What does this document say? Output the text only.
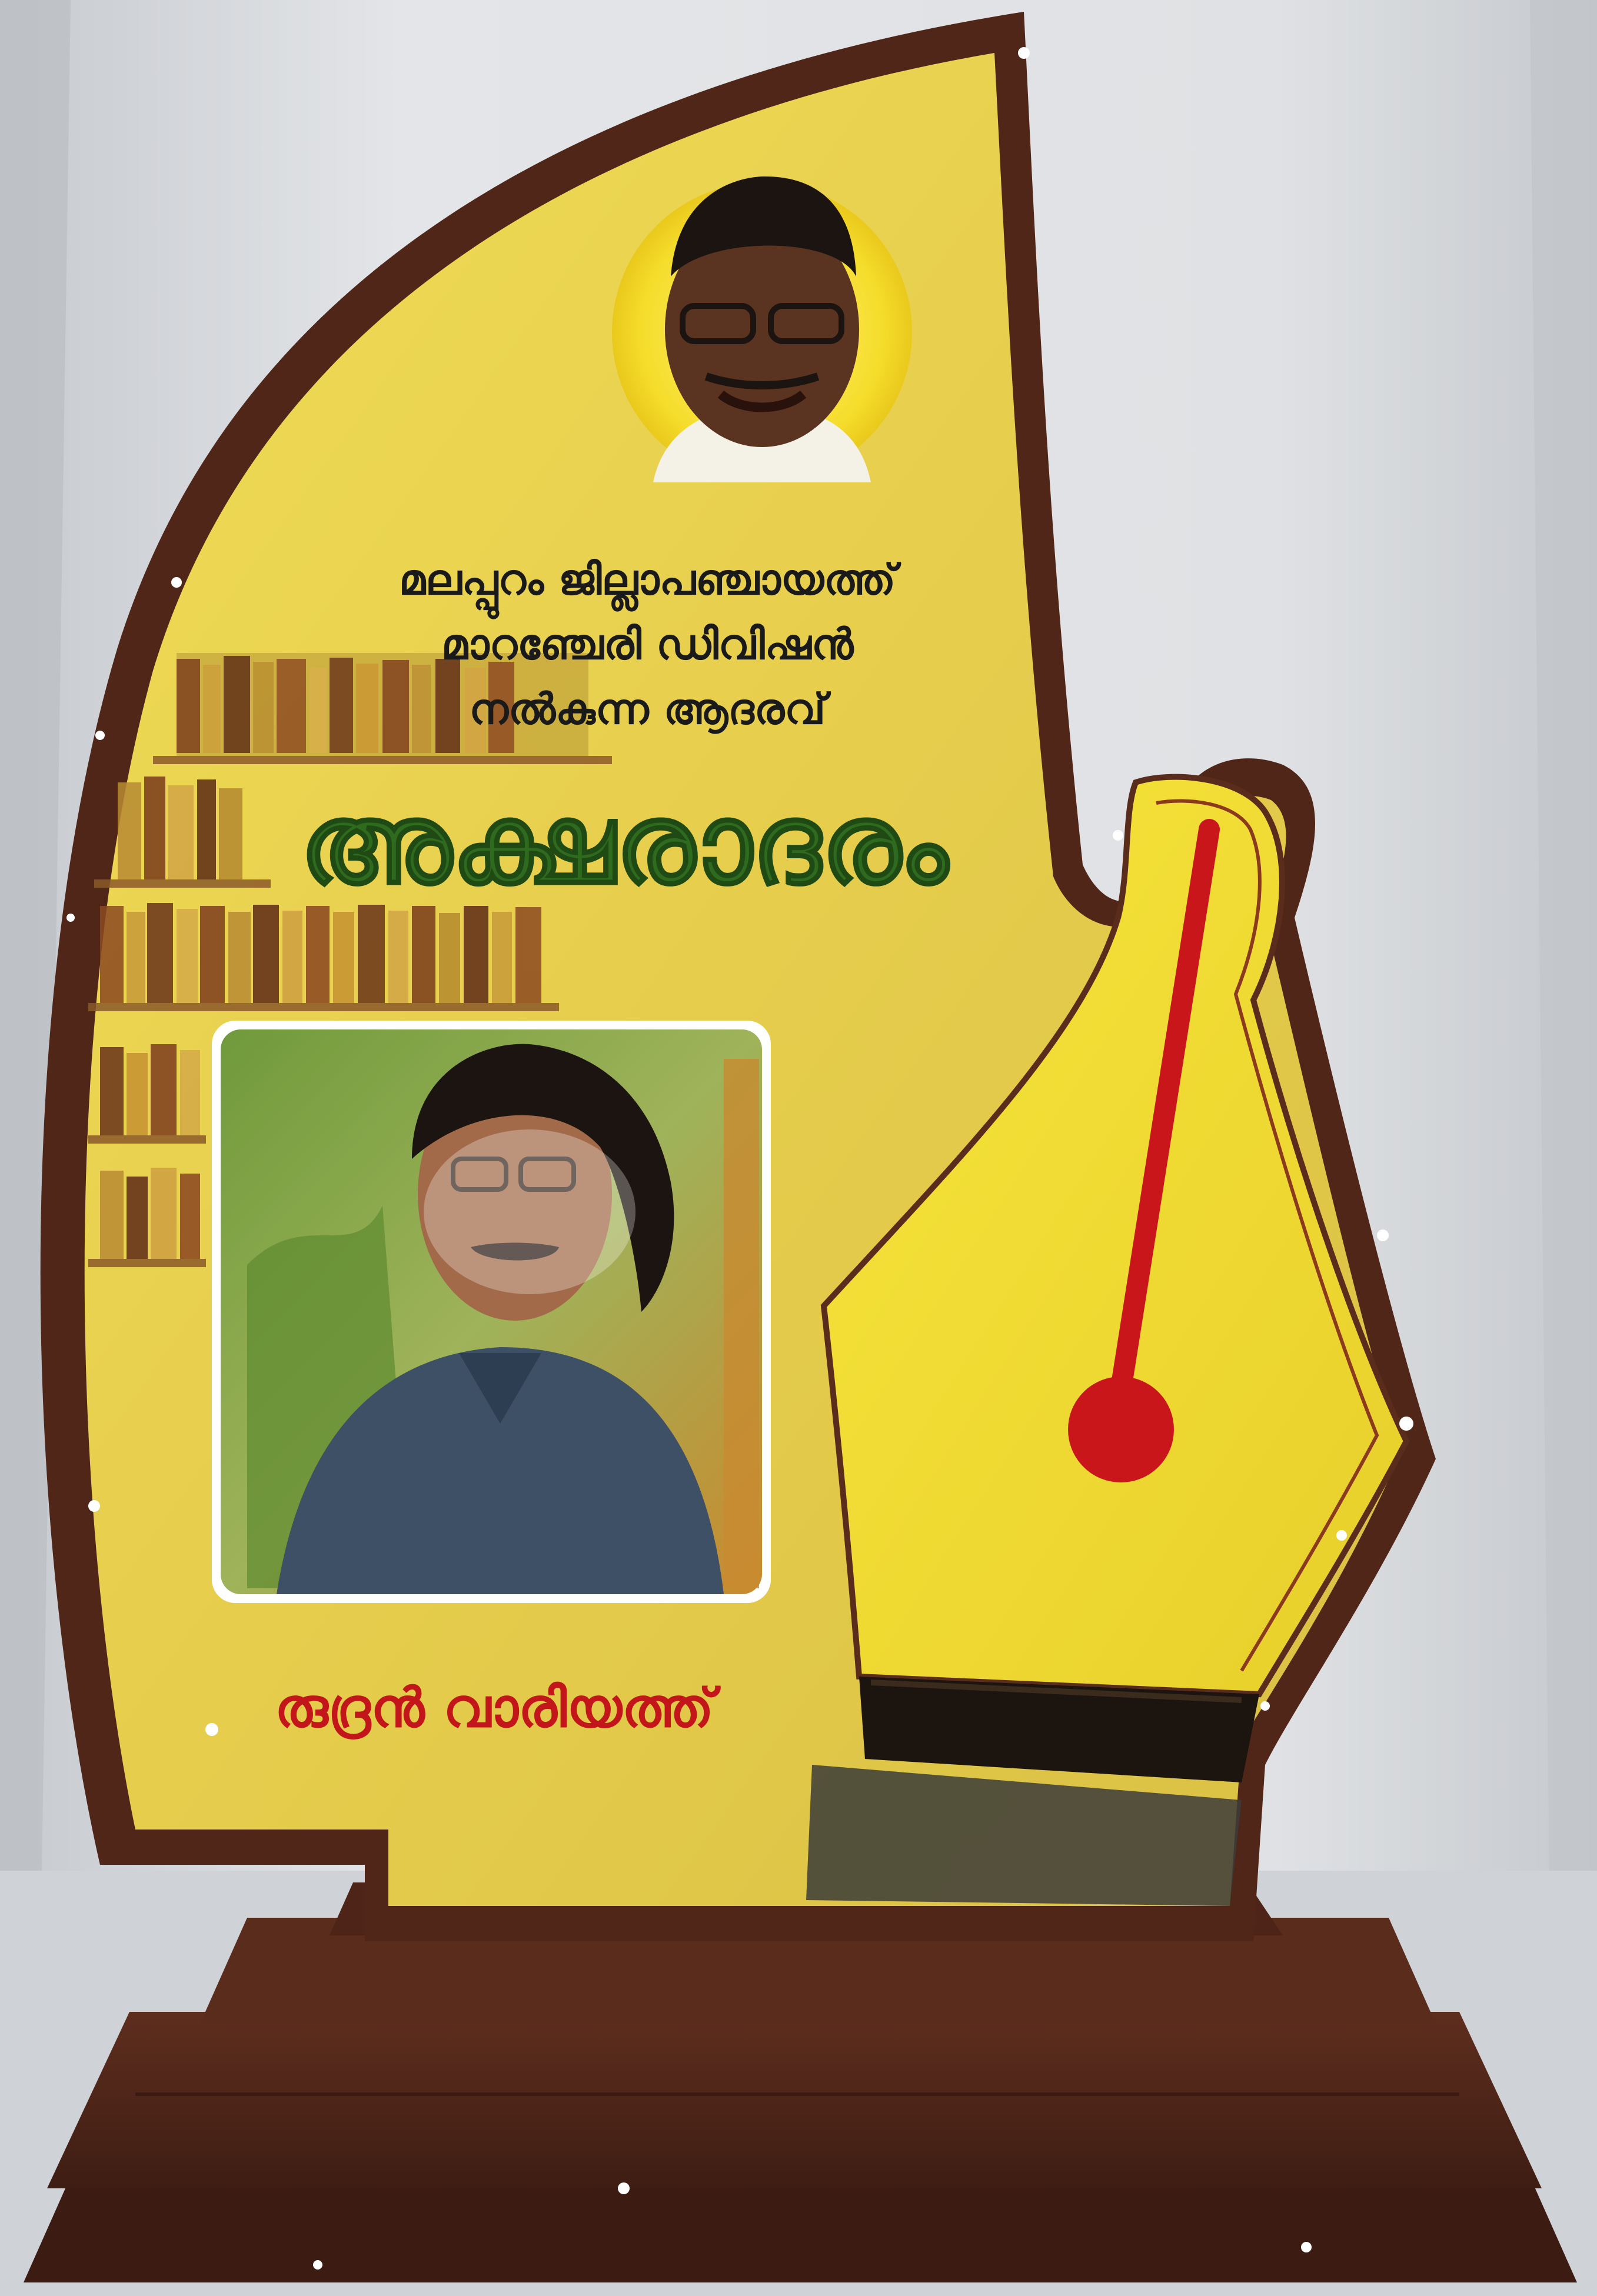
മലപ്പുറം ജില്ലാപഞ്ചായത്ത്
മാറഞ്ചേരി ഡിവിഷൻ
നൽകുന്ന ആദരവ്
അക്ഷരാദരം
രുദ്രൻ വാരിയത്ത്
